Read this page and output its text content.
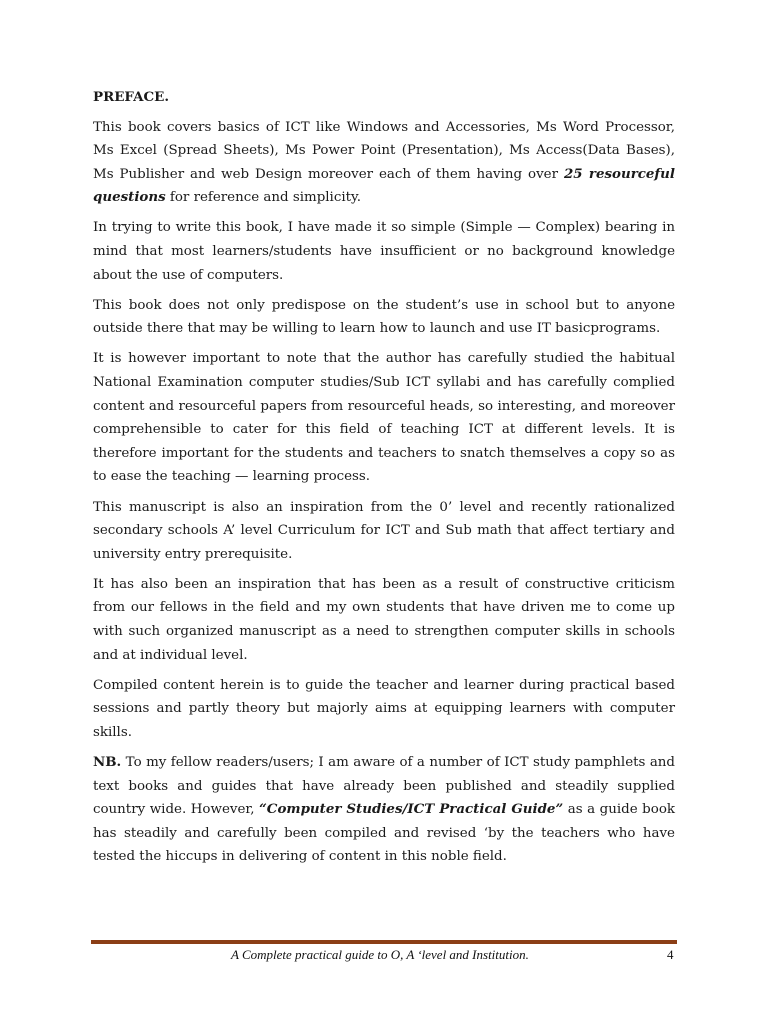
PREFACE.

This book covers basics of ICT like Windows and Accessories, Ms Word Processor, Ms Excel (Spread Sheets), Ms Power Point (Presentation), Ms Access(Data Bases), Ms Publisher and web Design moreover each of them having over 25 resourceful questions for reference and simplicity.

In trying to write this book, I have made it so simple (Simple — Complex) bearing in mind that most learners/students have insufficient or no background knowledge about the use of computers.

This book does not only predispose on the student’s use in school but to anyone outside there that may be willing to learn how to launch and use IT basicprograms.

It is however important to note that the author has carefully studied the habitual National Examination computer studies/Sub ICT syllabi and has carefully complied content and resourceful papers from resourceful heads, so interesting, and moreover comprehensible to cater for this field of teaching ICT at different levels. It is therefore important for the students and teachers to snatch themselves a copy so as to ease the teaching — learning process.

This manuscript is also an inspiration from the 0’ level and recently rationalized secondary schools A’ level Curriculum for ICT and Sub math that affect tertiary and university entry prerequisite.

It has also been an inspiration that has been as a result of constructive criticism from our fellows in the field and my own students that have driven me to come up with such organized manuscript as a need to strengthen computer skills in schools and at individual level.

Compiled content herein is to guide the teacher and learner during practical based sessions and partly theory but majorly aims at equipping learners with computer skills.

NB. To my fellow readers/users; I am aware of a number of ICT study pamphlets and text books and guides that have already been published and steadily supplied country wide. However, “Computer Studies/ICT Practical Guide” as a guide book has steadily and carefully been compiled and revised ‘by the teachers who have tested the hiccups in delivering of content in this noble field.

A Complete practical guide to O, A ‘level and Institution.	4
